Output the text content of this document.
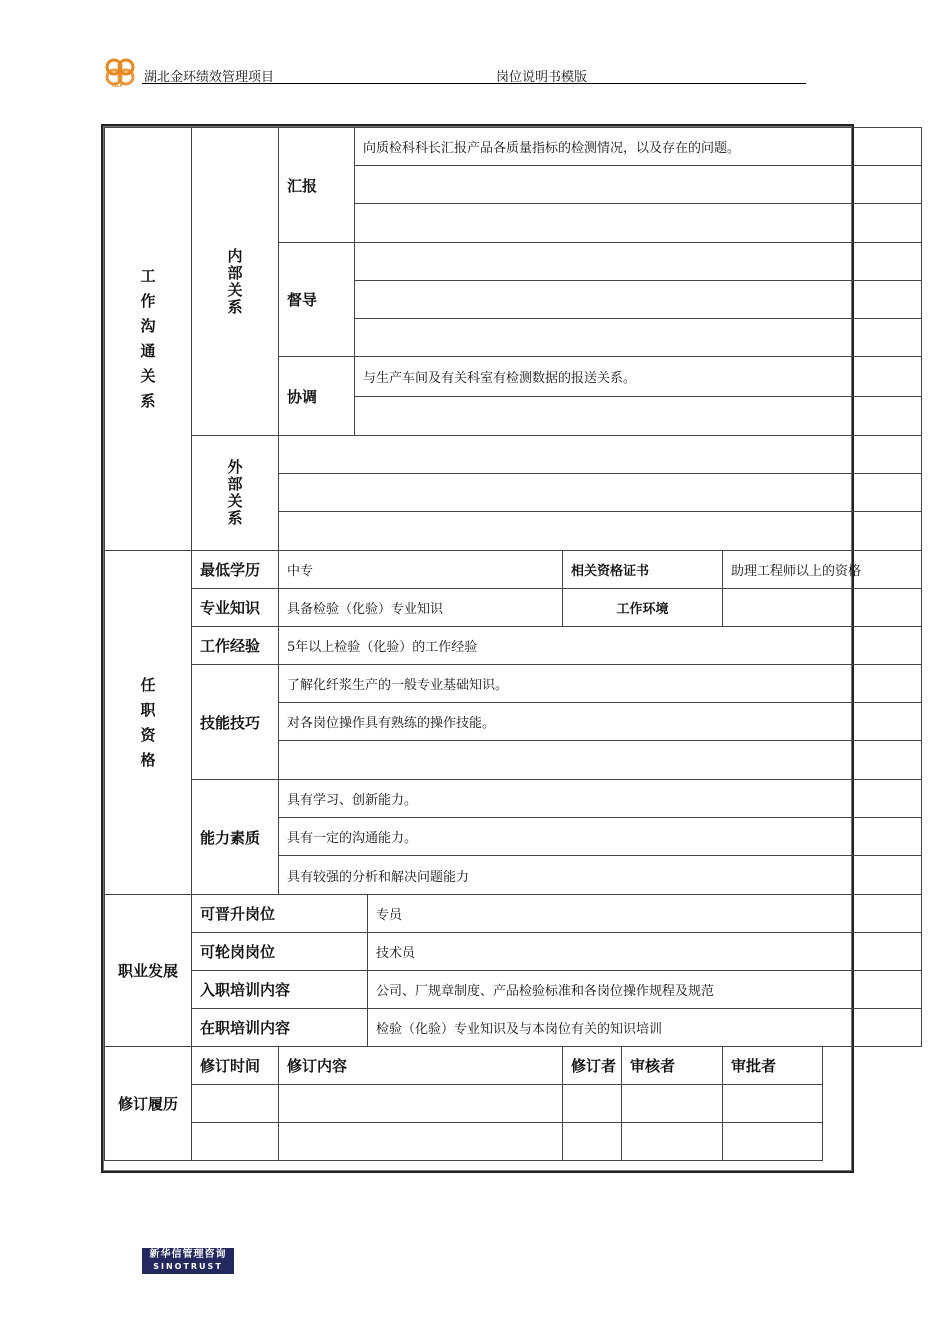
HCF
湖北金环绩效管理项目	岗位说明书模版
工作沟通关系	内部关系	汇报	向质检科科长汇报产品各质量指标的检测情况，以及存在的问题。				

		督导					

		协调	与生产车间及有关科室有检测数据的报送关系。				

	外部关系						

任职资格	最低学历	中专			相关资格证书		助理工程师以上的资格
	专业知识	具备检验（化验）专业知识			工作环境		
	工作经验	5年以上检验（化验）的工作经验					
	技能技巧	了解化纤浆生产的一般专业基础知识。					
		对各岗位操作具有熟练的操作技能。					

	能力素质	具有学习、创新能力。					
		具有一定的沟通能力。					
		具有较强的分析和解决问题能力					
职业发展	可晋升岗位			专员			
	可轮岗岗位			技术员			
	入职培训内容			公司、厂规章制度、产品检验标准和各岗位操作规程及规范			
	在职培训内容			检验（化验）专业知识及与本岗位有关的知识培训			
修订履历	修订时间	修订内容			修订者	审核者	审批者

新华信管理咨询
SINOTRUST
